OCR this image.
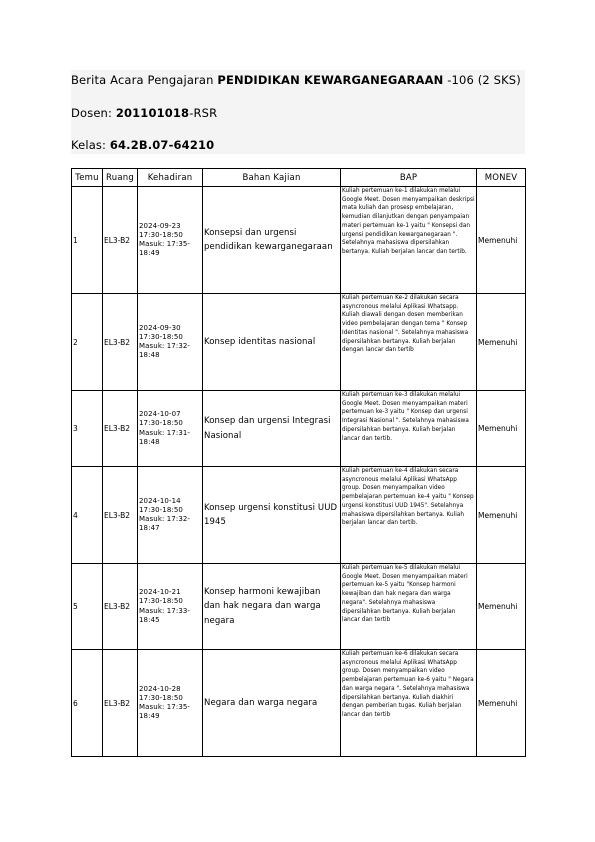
Berita Acara Pengajaran PENDIDIKAN KEWARGANEGARAAN -106 (2 SKS)
Dosen: 201101018-RSR
Kelas: 64.2B.07-64210
Temu	Ruang	Kehadiran	Bahan Kajian	BAP	MONEV
1	EL3-B2	2024-09-23 17:30-18:50 Masuk: 17:35-18:49	Konsepsi dan urgensi pendidikan kewarganegaraan	Kuliah pertemuan ke-1 dilakukan melalui Google Meet. Dosen menyampaikan deskripsi mata kuliah dan prosesp embelajaran, kemudian dilanjutkan dengan penyampaian materi pertemuan ke-1 yaitu " Konsepsi dan urgensi pendidikan kewarganegaraan ". Setelahnya mahasiswa dipersilahkan bertanya. Kuliah berjalan lancar dan tertib.	Memenuhi
2	EL3-B2	2024-09-30 17:30-18:50 Masuk: 17:32-18:48	Konsep identitas nasional	Kuliah pertemuan Ke-2 dilakukan secara asyncronous melalui Aplikasi Whatsapp. Kuliah diawali dengan dosen memberikan video pembelajaran dengan tema " Konsep Identitas nasional ". Setelahnya mahasiswa dipersilahkan bertanya. Kuliah berjalan dengan lancar dan tertib	Memenuhi
3	EL3-B2	2024-10-07 17:30-18:50 Masuk: 17:31-18:48	Konsep dan urgensi Integrasi Nasional	Kuliah pertemuan ke-3 dilakukan melalui Google Meet. Dosen menyampaikan materi pertemuan ke-3 yaitu " Konsep dan urgensi Integrasi Nasional ". Setelahnya mahasiswa dipersilahkan bertanya. Kuliah berjalan lancar dan tertib.	Memenuhi
4	EL3-B2	2024-10-14 17:30-18:50 Masuk: 17:32-18:47	Konsep urgensi konstitusi UUD 1945	Kuliah pertemuan ke-4 dilakukan secara asyncronous melalui Aplikasi WhatsApp group. Dosen menyampaikan video pembelajaran pertemuan ke-4 yaitu " Konsep urgensi konstitusi UUD 1945". Setelahnya mahasiswa dipersilahkan bertanya. Kuliah berjalan lancar dan tertib.	Memenuhi
5	EL3-B2	2024-10-21 17:30-18:50 Masuk: 17:33-18:45	Konsep harmoni kewajiban dan hak negara dan warga negara	Kuliah pertemuan ke-5 dilakukan melalui Google Meet. Dosen menyampaikan materi pertemuan ke-5 yaitu "Konsep harmoni kewajiban dan hak negara dan warga negara". Setelahnya mahasiswa dipersilahkan bertanya. Kuliah berjalan lancar dan tertib	Memenuhi
6	EL3-B2	2024-10-28 17:30-18:50 Masuk: 17:35-18:49	Negara dan warga negara	Kuliah pertemuan ke-6 dilakukan secara asyncronous melalui Aplikasi WhatsApp group. Dosen menyampaikan video pembelajaran pertemuan ke-6 yaitu " Negara dan warga negara ". Setelahnya mahasiswa dipersilahkan bertanya. Kuliah diakhiri dengan pemberian tugas. Kuliah berjalan lancar dan tertib	Memenuhi
